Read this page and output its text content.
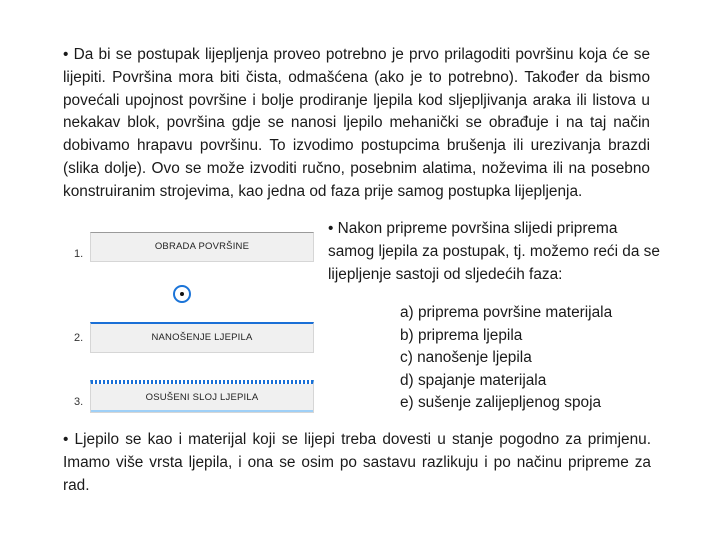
• Da bi se postupak lijepljenja proveo potrebno je prvo prilagoditi površinu koja će se lijepiti. Površina mora biti čista, odmašćena (ako je to potrebno). Također da bismo povećali upojnost površine i bolje prodiranje ljepila kod sljepljivanja araka ili listova u nekakav blok, površina gdje se nanosi ljepilo mehanički se obrađuje i na taj način dobivamo hrapavu površinu. To izvodimo postupcima brušenja ili urezivanja brazdi (slika dolje). Ovo se može izvoditi ručno, posebnim alatima, noževima ili na posebno konstruiranim strojevima, kao jedna od faza prije samog postupka lijepljenja.
1.
OBRADA POVRŠINE
2.	NANOŠENJE LJEPILA
3.	OSUŠENI SLOJ LJEPILA
• Nakon pripreme površina slijedi priprema samog ljepila za postupak, tj. možemo reći da se lijepljenje sastoji od sljedećih faza:
a) priprema površine materijala
b) priprema ljepila
c) nanošenje ljepila
d) spajanje materijala
e) sušenje zalijepljenog spoja
• Ljepilo se kao i materijal koji se lijepi treba dovesti u stanje pogodno za primjenu. Imamo više vrsta ljepila, i ona se osim po sastavu razlikuju i po načinu pripreme za rad.
